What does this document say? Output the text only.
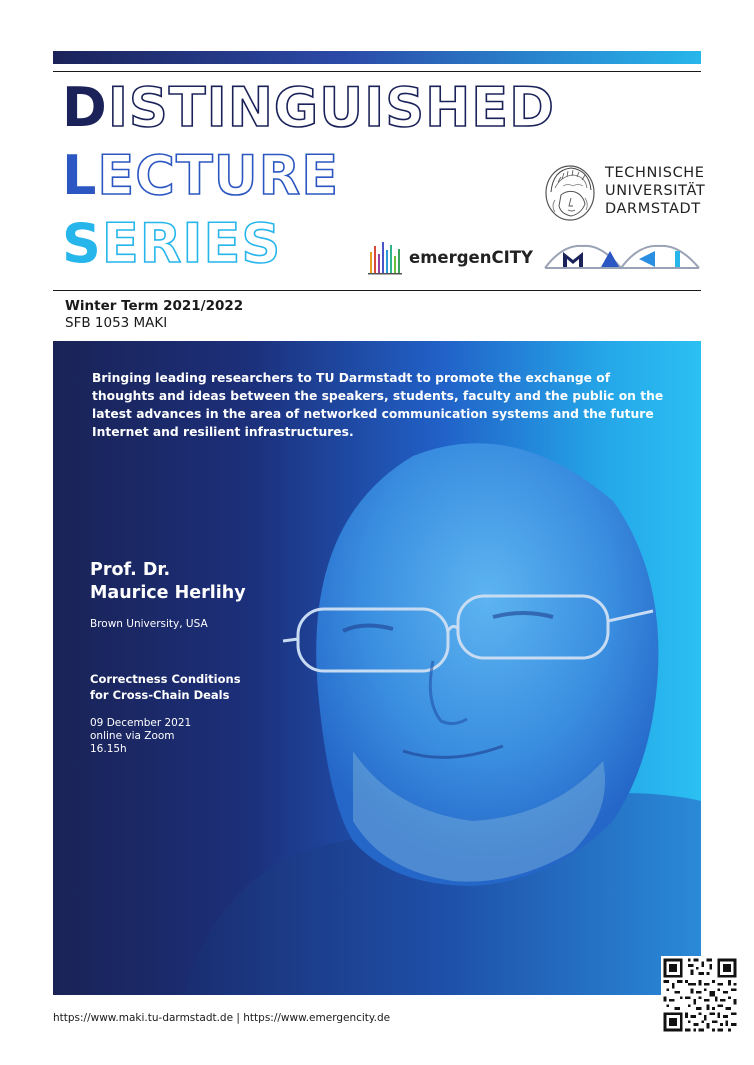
DISTINGUISHED
LECTURE
SERIES

TECHNISCHE
UNIVERSITÄT
DARMSTADT

emergenCITY
Winter Term 2021/2022
SFB 1053 MAKI

Bringing leading researchers to TU Darmstadt to promote the exchange of thoughts and ideas between the speakers, students, faculty and the public on the latest advances in the area of networked communication systems and the future Internet and resilient infrastructures.

Prof. Dr.
Maurice Herlihy
Brown University, USA
Correctness Conditions
for Cross-Chain Deals
09 December 2021
online via Zoom
16.15h
https://www.maki.tu-darmstadt.de | https://www.emergencity.de
